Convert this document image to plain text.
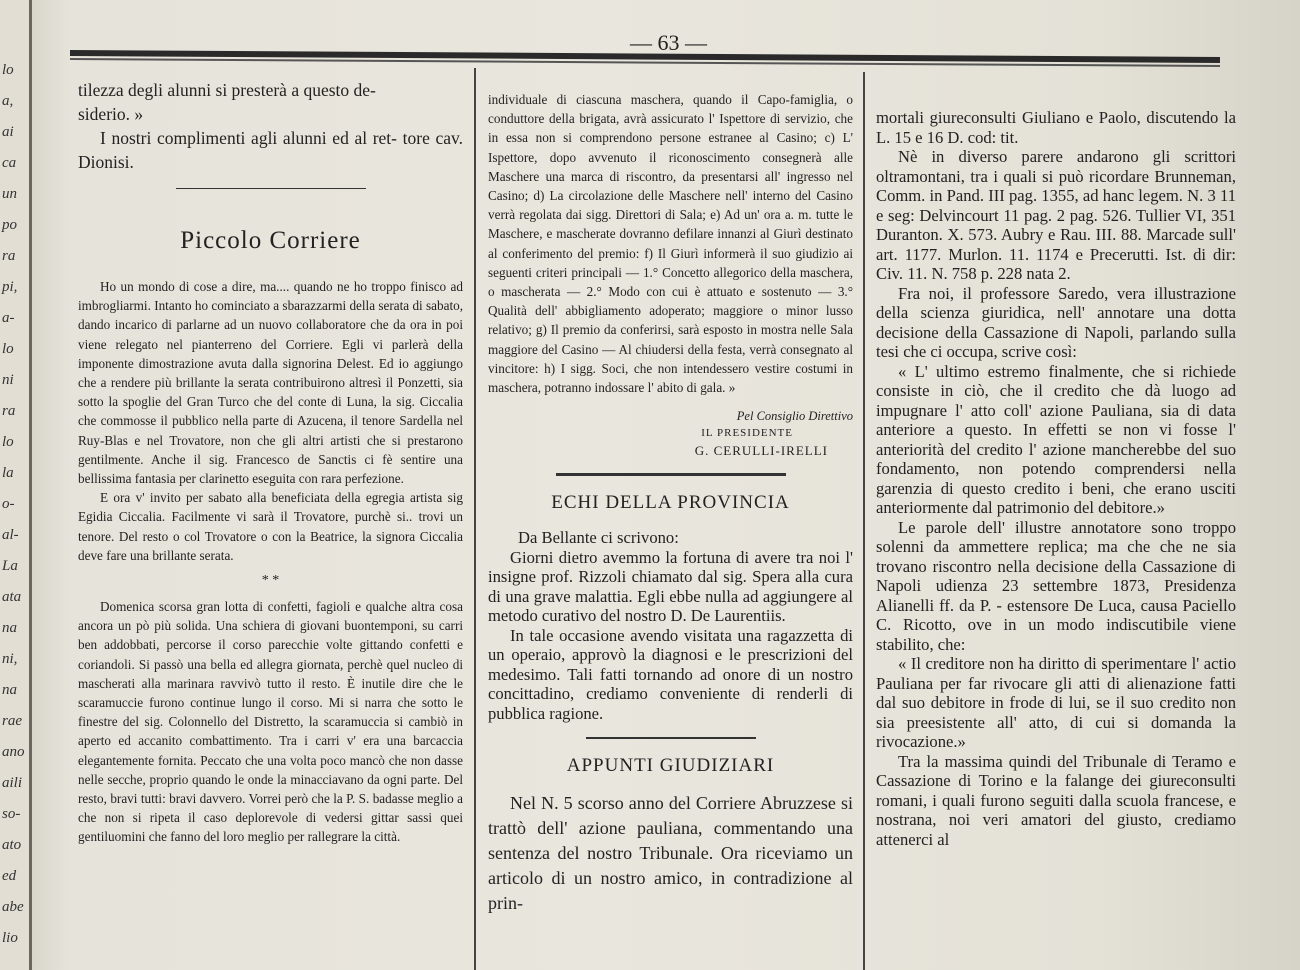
lo
a,
ai
ca
un
po
ra
pi,
a-
lo
ni
ra
lo
la
o-
al-
La
ata
na
ni,
na
rae
ano
aili
so-
ato
ed
abe
lio
— 63 —

tilezza degli alunni si presterà a questo de-

siderio. »

I nostri complimenti agli alunni ed al ret- tore cav. Dionisi.

Piccolo Corriere

Ho un mondo di cose a dire, ma.... quando ne ho troppo finisco ad imbrogliarmi. Intanto ho cominciato a sbarazzarmi della serata di sabato, dando incarico di parlarne ad un nuovo collaboratore che da ora in poi viene relegato nel pianterreno del Corriere. Egli vi parlerà della imponente dimostrazione avuta dalla signorina Delest. Ed io aggiungo che a rendere più brillante la serata contribuirono altresì il Ponzetti, sia sotto la spoglie del Gran Turco che del conte di Luna, la sig. Ciccalia che commosse il pubblico nella parte di Azucena, il tenore Sardella nel Ruy-Blas e nel Trovatore, non che gli altri artisti che si prestarono gentilmente. Anche il sig. Francesco de Sanctis ci fè sentire una bellissima fantasia per clarinetto eseguita con rara perfezione.

E ora v' invito per sabato alla beneficiata della egregia artista sig Egidia Ciccalia. Facilmente vi sarà il Trovatore, purchè si.. trovi un tenore. Del resto o col Trovatore o con la Beatrice, la signora Ciccalia deve fare una brillante serata.

* *

Domenica scorsa gran lotta di confetti, fagioli e qualche altra cosa ancora un pò più solida. Una schiera di giovani buontemponi, su carri ben addobbati, percorse il corso parecchie volte gittando confetti e coriandoli. Si passò una bella ed allegra giornata, perchè quel nucleo di mascherati alla marinara ravvivò tutto il resto. È inutile dire che le scaramuccie furono continue lungo il corso. Mi si narra che sotto le finestre del sig. Colonnello del Distretto, la scaramuccia si cambiò in aperto ed accanito combattimento. Tra i carri v' era una barcaccia elegantemente fornita. Peccato che una volta poco mancò che non dasse nelle secche, proprio quando le onde la minacciavano da ogni parte. Del resto, bravi tutti: bravi davvero. Vorrei però che la P. S. badasse meglio a che non si ripeta il caso deplorevole di vedersi gittar sassi quei gentiluomini che fanno del loro meglio per rallegrare la città.

individuale di ciascuna maschera, quando il Capo-famiglia, o conduttore della brigata, avrà assicurato l' Ispettore di servizio, che in essa non si comprendono persone estranee al Casino; c) L' Ispettore, dopo avvenuto il riconoscimento consegnerà alle Maschere una marca di riscontro, da presentarsi all' ingresso nel Casino; d) La circolazione delle Maschere nell' interno del Casino verrà regolata dai sigg. Direttori di Sala; e) Ad un' ora a. m. tutte le Maschere, e mascherate dovranno defilare innanzi al Giurì destinato al conferimento del premio: f) Il Giurì informerà il suo giudizio ai seguenti criteri principali — 1.° Concetto allegorico della maschera, o mascherata — 2.° Modo con cui è attuato e sostenuto — 3.° Qualità dell' abbigliamento adoperato; maggiore o minor lusso relativo; g) Il premio da conferirsi, sarà esposto in mostra nelle Sala maggiore del Casino — Al chiudersi della festa, verrà consegnato al vincitore: h) I sigg. Soci, che non intendessero vestire costumi in maschera, potranno indossare l' abito di gala. »

Pel Consiglio Direttivo
IL PRESIDENTE
G. CERULLI-IRELLI
ECHI DELLA PROVINCIA

Da Bellante ci scrivono:

Giorni dietro avemmo la fortuna di avere tra noi l' insigne prof. Rizzoli chiamato dal sig. Spera alla cura di una grave malattia. Egli ebbe nulla ad aggiungere al metodo curativo del nostro D. De Laurentiis.

In tale occasione avendo visitata una ragazzetta di un operaio, approvò la diagnosi e le prescrizioni del medesimo. Tali fatti tornando ad onore di un nostro concittadino, crediamo conveniente di renderli di pubblica ragione.

APPUNTI GIUDIZIARI

Nel N. 5 scorso anno del Corriere Abruzzese si trattò dell' azione pauliana, commentando una sentenza del nostro Tribunale. Ora riceviamo un articolo di un nostro amico, in contradizione al prin-

mortali giureconsulti Giuliano e Paolo, discutendo la L. 15 e 16 D. cod: tit.

Nè in diverso parere andarono gli scrittori oltramontani, tra i quali si può ricordare Brunneman, Comm. in Pand. III pag. 1355, ad hanc legem. N. 3 11 e seg: Delvincourt 11 pag. 2 pag. 526. Tullier VI, 351 Duranton. X. 573. Aubry e Rau. III. 88. Marcade sull' art. 1177. Murlon. 11. 1174 e Precerutti. Ist. di dir: Civ. 11. N. 758 p. 228 nata 2.

Fra noi, il professore Saredo, vera illustrazione della scienza giuridica, nell' annotare una dotta decisione della Cassazione di Napoli, parlando sulla tesi che ci occupa, scrive così:

« L' ultimo estremo finalmente, che si richiede consiste in ciò, che il credito che dà luogo ad impugnare l' atto coll' azione Pauliana, sia di data anteriore a questo. In effetti se non vi fosse l' anteriorità del credito l' azione mancherebbe del suo fondamento, non potendo comprendersi nella garenzia di questo credito i beni, che erano usciti anteriormente dal patrimonio del debitore.»

Le parole dell' illustre annotatore sono troppo solenni da ammettere replica; ma che che ne sia trovano riscontro nella decisione della Cassazione di Napoli udienza 23 settembre 1873, Presidenza Alianelli ff. da P. - estensore De Luca, causa Paciello C. Ricotto, ove in un modo indiscutibile viene stabilito, che:

« Il creditore non ha diritto di sperimentare l' actio Pauliana per far rivocare gli atti di alienazione fatti dal suo debitore in frode di lui, se il suo credito non sia preesistente all' atto, di cui si domanda la rivocazione.»

Tra la massima quindi del Tribunale di Teramo e Cassazione di Torino e la falange dei giureconsulti romani, i quali furono seguiti dalla scuola francese, e nostrana, noi veri amatori del giusto, crediamo attenerci al
